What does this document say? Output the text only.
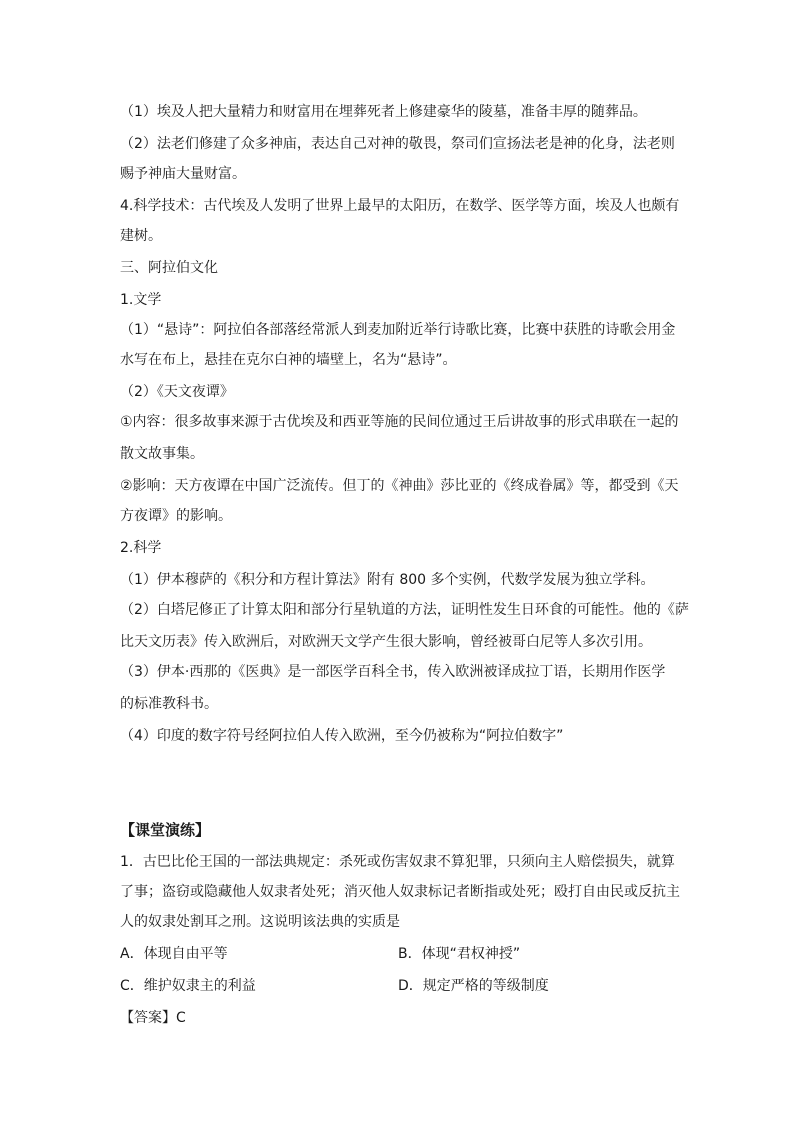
（1）埃及人把大量精力和财富用在埋葬死者上修建豪华的陵墓，准备丰厚的随葬品。
（2）法老们修建了众多神庙，表达自己对神的敬畏，祭司们宣扬法老是神的化身，法老则
赐予神庙大量财富。
4.科学技术：古代埃及人发明了世界上最早的太阳历，在数学、医学等方面，埃及人也颇有
建树。
三、阿拉伯文化
1.文学
（1）“悬诗”：阿拉伯各部落经常派人到麦加附近举行诗歌比赛，比赛中获胜的诗歌会用金
水写在布上，悬挂在克尔白神的墙壁上，名为“悬诗”。
（2）《天文夜谭》
①内容：很多故事来源于古优埃及和西亚等施的民间位通过王后讲故事的形式串联在一起的
散文故事集。
②影响：天方夜谭在中国广泛流传。但丁的《神曲》莎比亚的《终成眷属》等，都受到《天
方夜谭》的影响。
2.科学
（1）伊本穆萨的《积分和方程计算法》附有 800 多个实例，代数学发展为独立学科。
（2）白塔尼修正了计算太阳和部分行星轨道的方法，证明性发生日环食的可能性。他的《萨
比天文历表》传入欧洲后，对欧洲天文学产生很大影响，曾经被哥白尼等人多次引用。
（3）伊本·西那的《医典》是一部医学百科全书，传入欧洲被译成拉丁语，长期用作医学
的标准教科书。
（4）印度的数字符号经阿拉伯人传入欧洲，至今仍被称为“阿拉伯数字”
【课堂演练】
1．古巴比伦王国的一部法典规定：杀死或伤害奴隶不算犯罪，只须向主人赔偿损失，就算
了事；盗窃或隐藏他人奴隶者处死；消灭他人奴隶标记者断指或处死；殴打自由民或反抗主
人的奴隶处割耳之刑。这说明该法典的实质是
A．体现自由平等	B．体现“君权神授”
C．维护奴隶主的利益	D．规定严格的等级制度
【答案】C
